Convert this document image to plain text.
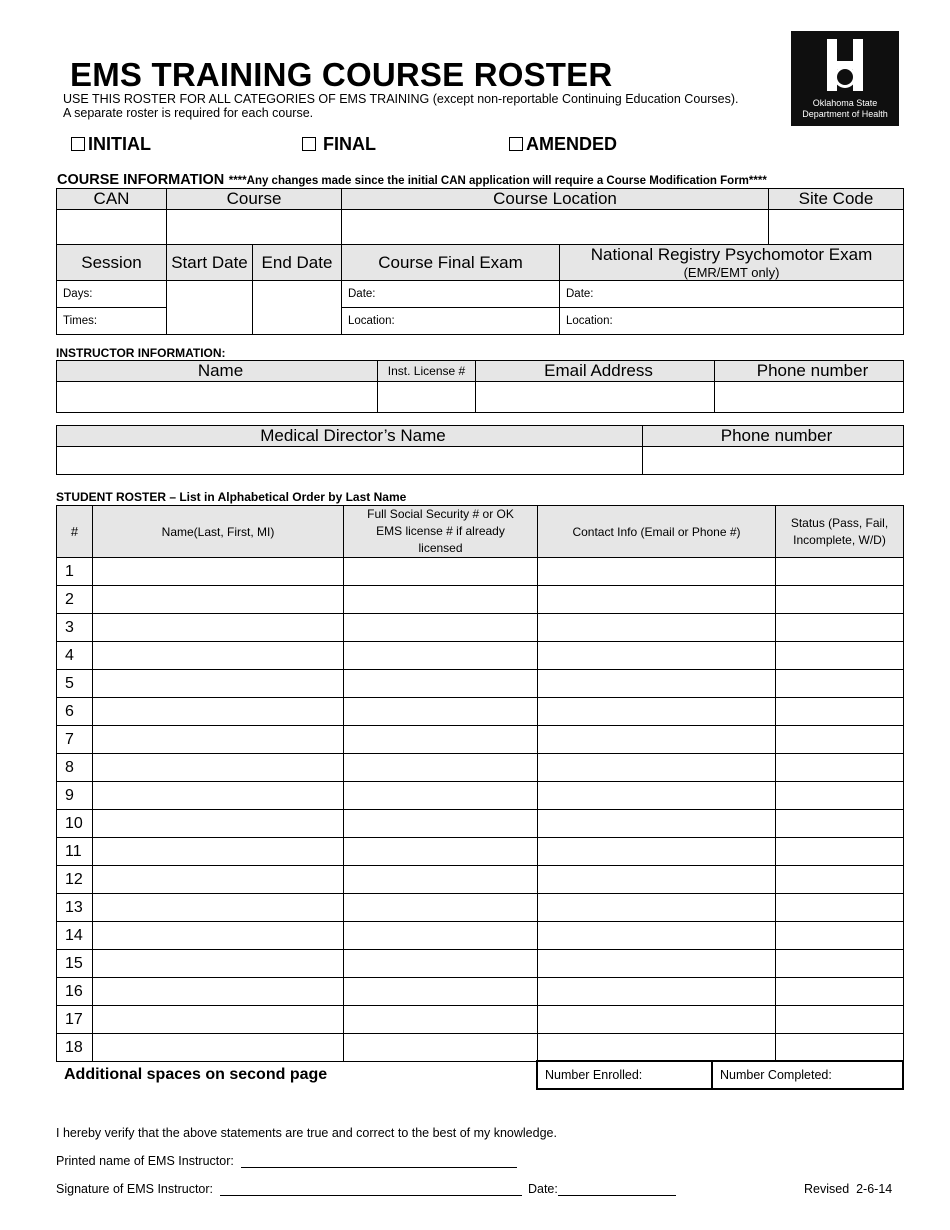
EMS TRAINING COURSE ROSTER
USE THIS ROSTER FOR ALL CATEGORIES OF EMS TRAINING (except non-reportable Continuing Education Courses).
A separate roster is required for each course.
Oklahoma State
Department of Health
INITIAL	FINAL	AMENDED
COURSE INFORMATION ****Any changes made since the initial CAN application will require a Course Modification Form****
CAN	Course		Course Location		Site Code

Session	Start Date	End Date	Course Final Exam	National Registry Psychomotor Exam
(EMR/EMT only)	

Days:			Date:	Date:	
Times:			Location:	Location:	
INSTRUCTOR INFORMATION:
Name	Inst. License #	Email Address	Phone number

Medical Director’s Name	Phone number

STUDENT ROSTER – List in Alphabetical Order by Last Name
#	Name(Last, First, MI)	Full Social Security # or OK EMS license # if already licensed	Contact Info (Email or Phone #)	Status (Pass, Fail, Incomplete, W/D)
1				
2				
3				
4				
5				
6				
7				
8				
9				
10				
11				
12				
13				
14				
15				
16				
17				
18				
Additional spaces on second page	Number Enrolled:	Number Completed:
I hereby verify that the above statements are true and correct to the best of my knowledge.
Printed name of EMS Instructor:
Signature of EMS Instructor:	Date:	Revised  2-6-14
